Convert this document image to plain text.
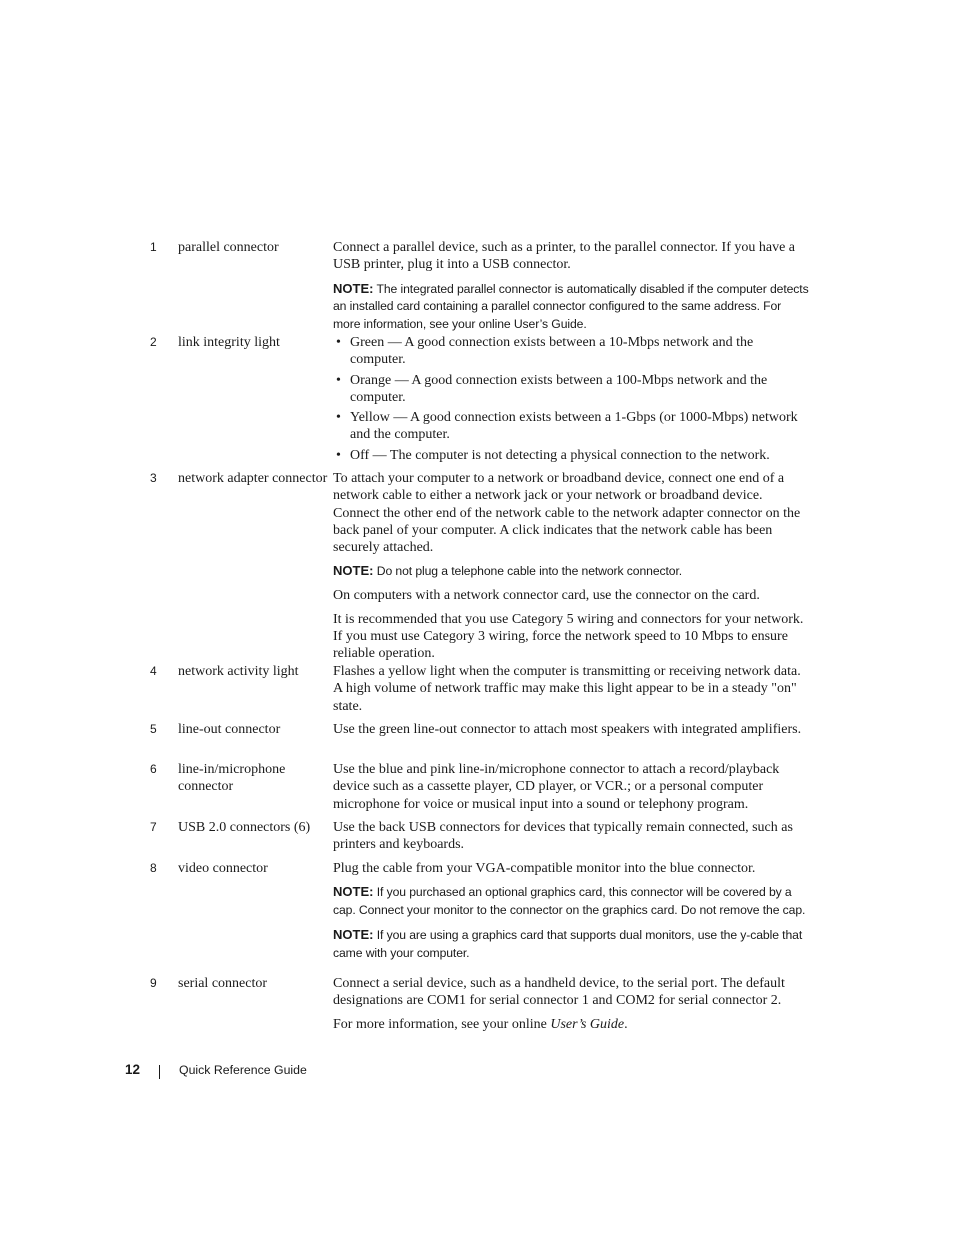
1 parallel connector	Connect a parallel device, such as a printer, to the parallel connector. If you have a USB printer, plug it into a USB connector.

NOTE: The integrated parallel connector is automatically disabled if the computer detects an installed card containing a parallel connector configured to the same address. For more information, see your online User’s Guide.
2 link integrity light
•	Green — A good connection exists between a 10-Mbps network and the computer.
• Orange — A good connection exists between a 100-Mbps network and the computer.
• Yellow — A good connection exists between a 1-Gbps (or 1000-Mbps) network and the computer.
• Off — The computer is not detecting a physical connection to the network.
3 network adapter connector To attach your computer to a network or broadband device, connect one end of a network cable to either a network jack or your network or broadband device. Connect the other end of the network cable to the network adapter connector on the back panel of your computer. A click indicates that the network cable has been securely attached.

NOTE: Do not plug a telephone cable into the network connector.

On computers with a network connector card, use the connector on the card.

It is recommended that you use Category 5 wiring and connectors for your network. If you must use Category 3 wiring, force the network speed to 10 Mbps to ensure reliable operation.

4 network activity light	Flashes a yellow light when the computer is transmitting or receiving network data. A high volume of network traffic may make this light appear to be in a steady "on" state.

5 line-out connector	Use the green line-out connector to attach most speakers with integrated amplifiers.

6 line-in/microphone connector

Use the blue and pink line-in/microphone connector to attach a record/playback device such as a cassette player, CD player, or VCR.; or a personal computer microphone for voice or musical input into a sound or telephony program.

7 USB 2.0 connectors (6)	Use the back USB connectors for devices that typically remain connected, such as printers and keyboards.

8 video connector	Plug the cable from your VGA-compatible monitor into the blue connector.

NOTE: If you purchased an optional graphics card, this connector will be covered by a cap. Connect your monitor to the connector on the graphics card. Do not remove the cap.
NOTE: If you are using a graphics card that supports dual monitors, use the y-cable that came with your computer.
9 serial connector	Connect a serial device, such as a handheld device, to the serial port. The default designations are COM1 for serial connector 1 and COM2 for serial connector 2.

For more information, see your online User’s Guide.

12	Quick Reference Guide
